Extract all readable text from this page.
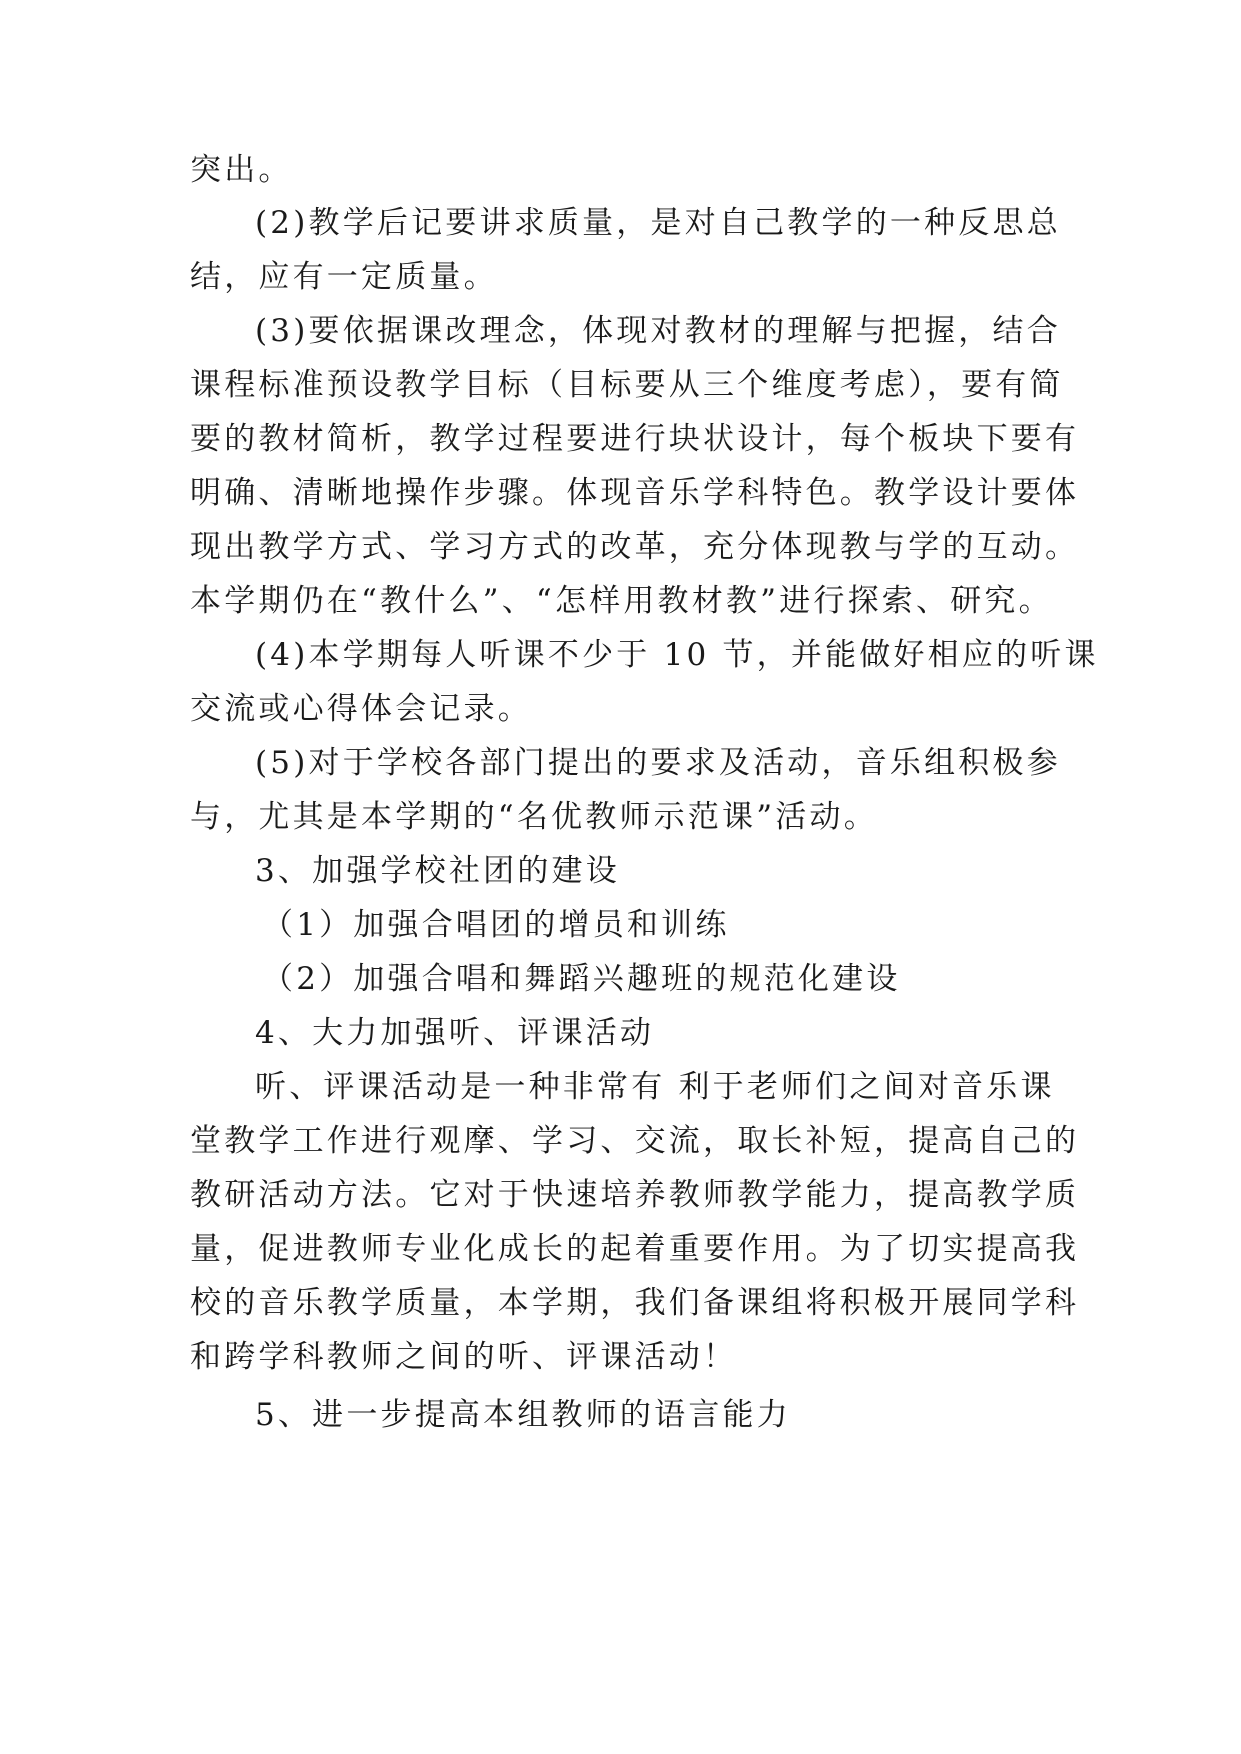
突出。
(2)教学后记要讲求质量，是对自己教学的一种反思总
结，应有一定质量。
(3)要依据课改理念，体现对教材的理解与把握，结合
课程标准预设教学目标（目标要从三个维度考虑），要有简
要的教材简析，教学过程要进行块状设计，每个板块下要有
明确、清晰地操作步骤。体现音乐学科特色。教学设计要体
现出教学方式、学习方式的改革，充分体现教与学的互动。
本学期仍在“教什么”、“怎样用教材教”进行探索、研究。
(4)本学期每人听课不少于 10 节，并能做好相应的听课
交流或心得体会记录。
(5)对于学校各部门提出的要求及活动，音乐组积极参
与，尤其是本学期的“名优教师示范课”活动。
3、加强学校社团的建设
（1）加强合唱团的增员和训练
（2）加强合唱和舞蹈兴趣班的规范化建设
4、大力加强听、评课活动
听、评课活动是一种非常有 利于老师们之间对音乐课
堂教学工作进行观摩、学习、交流，取长补短，提高自己的
教研活动方法。它对于快速培养教师教学能力，提高教学质
量，促进教师专业化成长的起着重要作用。为了切实提高我
校的音乐教学质量，本学期，我们备课组将积极开展同学科
和跨学科教师之间的听、评课活动！
5、进一步提高本组教师的语言能力
